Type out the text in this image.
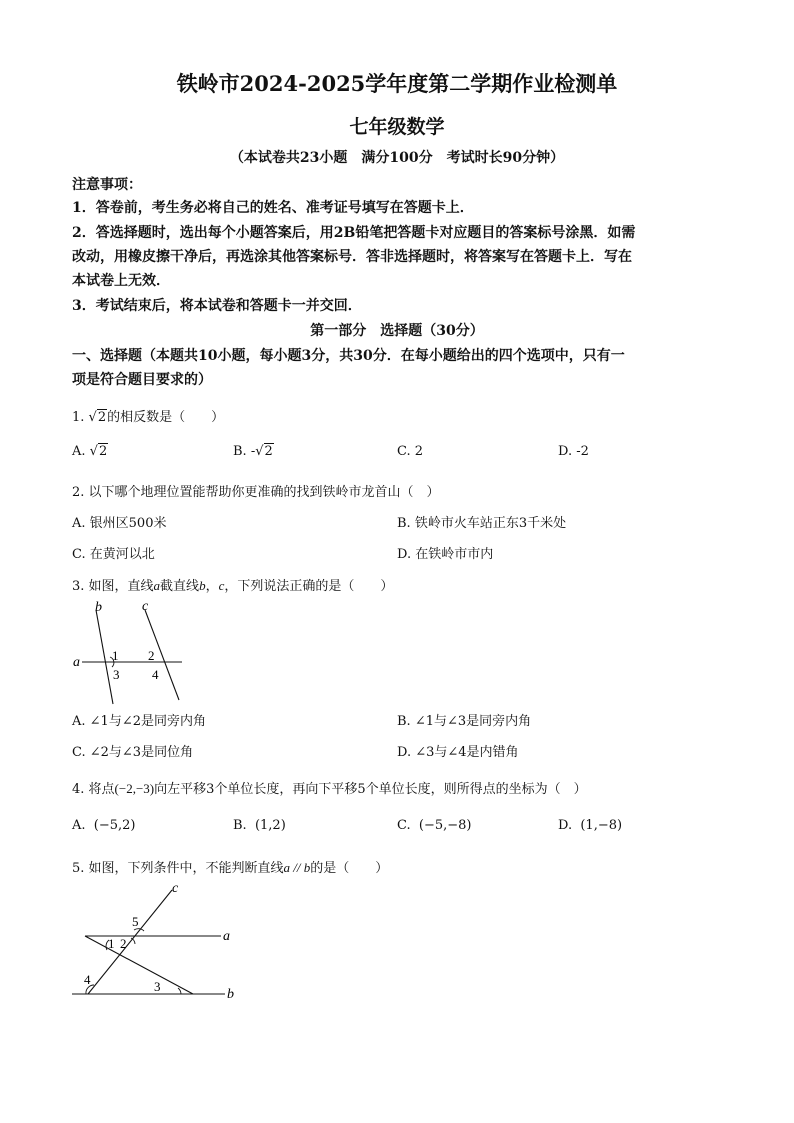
铁岭市2024-2025学年度第二学期作业检测单
七年级数学
（本试卷共23小题　满分100分　考试时长90分钟）
注意事项：
1．答卷前，考生务必将自己的姓名、准考证号填写在答题卡上．
2．答选择题时，选出每个小题答案后，用2B铅笔把答题卡对应题目的答案标号涂黑．如需
改动，用橡皮擦干净后，再选涂其他答案标号．答非选择题时，将答案写在答题卡上．写在
本试卷上无效．
3．考试结束后，将本试卷和答题卡一并交回．
第一部分　选择题（30分）
一、选择题（本题共10小题，每小题3分，共30分．在每小题给出的四个选项中，只有一
项是符合题目要求的）
1. √2的相反数是（　　）
A. √2	B. -√2	C. 2	D. -2
2. 以下哪个地理位置能帮助你更准确的找到铁岭市龙首山（　）
A. 银州区500米	B. 铁岭市火车站正东3千米处
C. 在黄河以北	D. 在铁岭市市内
3. 如图，直线a截直线b，c，下列说法正确的是（　　）
b	c
a 1 2
3	4
A. ∠1与∠2是同旁内角	B. ∠1与∠3是同旁内角
C. ∠2与∠3是同位角	D. ∠3与∠4是内错角
4. 将点(−2,−3)向左平移3个单位长度，再向下平移5个单位长度，则所得点的坐标为（　）
A. (−5,2)	B. (1,2)	C. (−5,−8)	D. (1,−8)
5. 如图，下列条件中，不能判断直线a // b的是（　　）
c
a
b
1 2
3
4
5
